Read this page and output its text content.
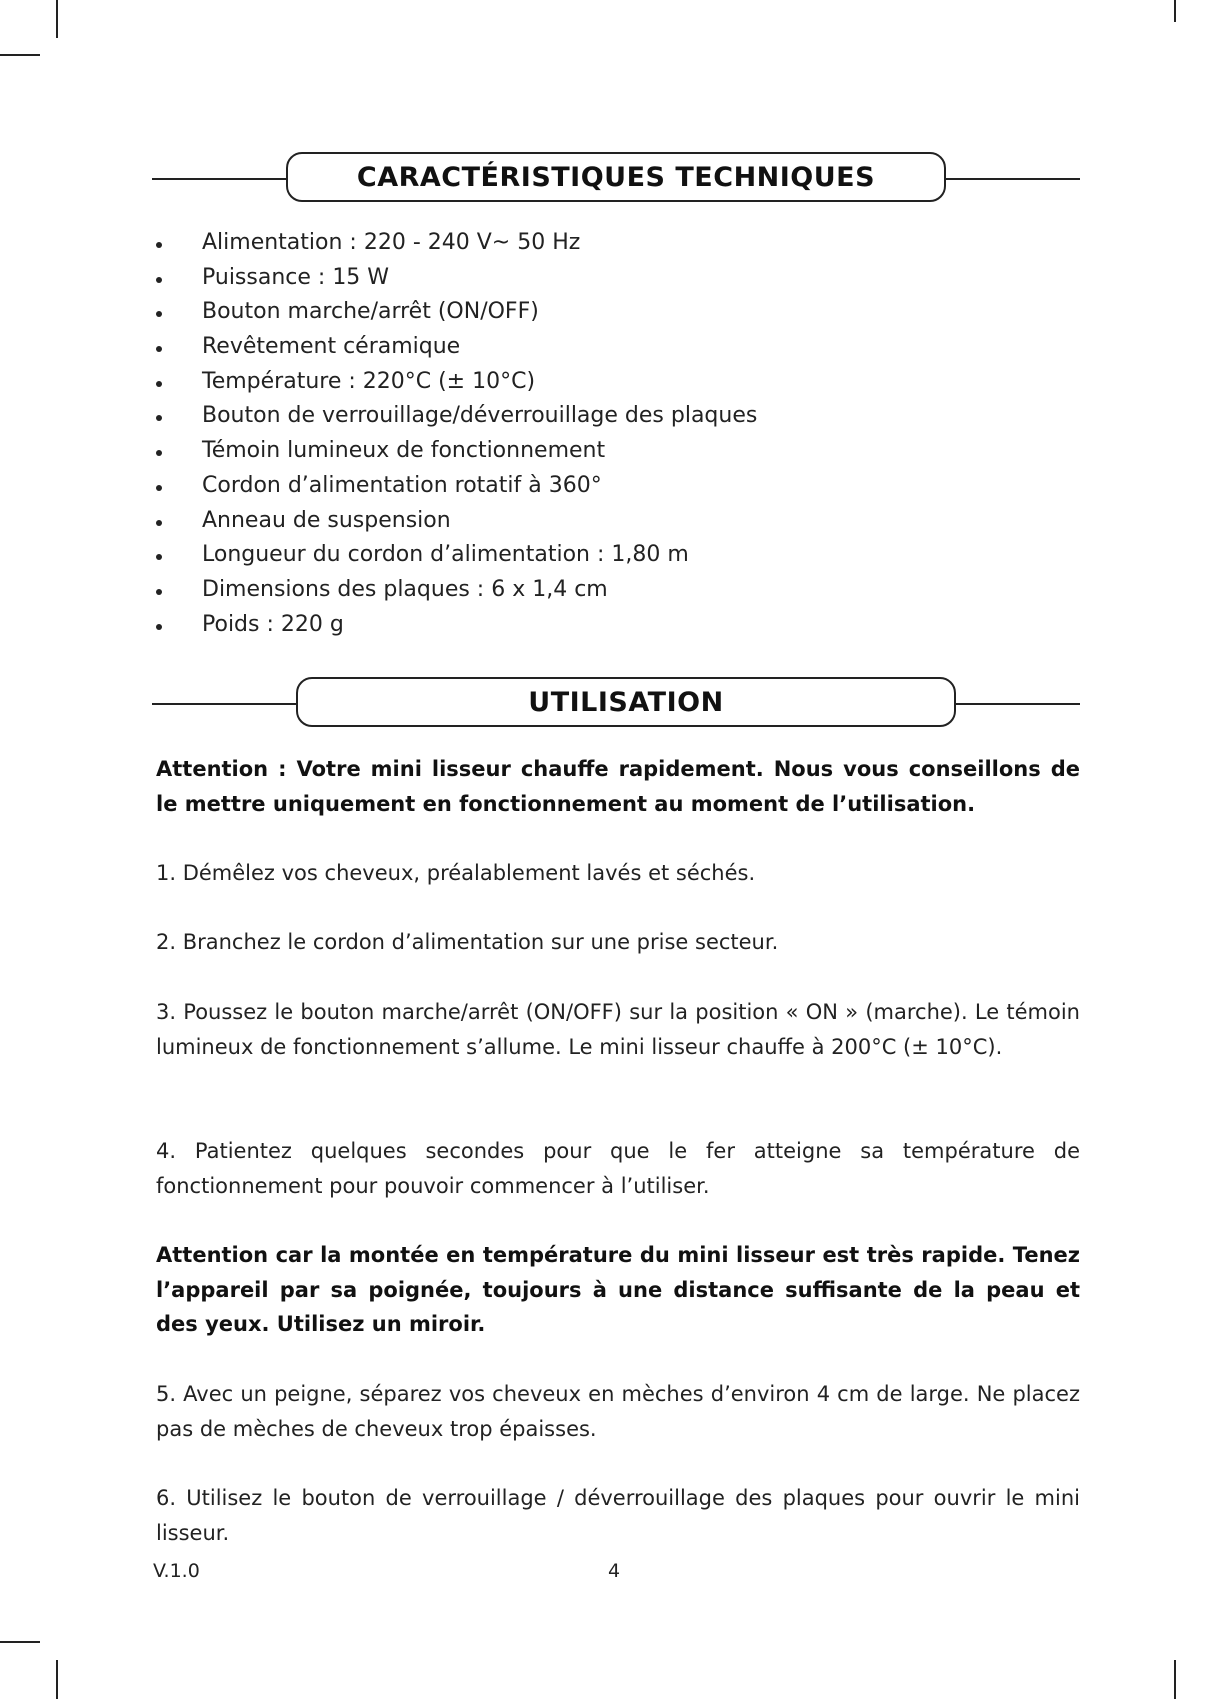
CARACTÉRISTIQUES TECHNIQUES
Alimentation : 220 - 240 V~ 50 Hz
Puissance : 15 W
Bouton marche/arrêt (ON/OFF)
Revêtement céramique
Température : 220°C (± 10°C)
Bouton de verrouillage/déverrouillage des plaques
Témoin lumineux de fonctionnement
Cordon d’alimentation rotatif à 360°
Anneau de suspension
Longueur du cordon d’alimentation : 1,80 m
Dimensions des plaques : 6 x 1,4 cm
Poids : 220 g
UTILISATION

Attention : Votre mini lisseur chauffe rapidement. Nous vous conseillons de le mettre uniquement en fonctionnement au moment de l’utilisation.

1. Démêlez vos cheveux, préalablement lavés et séchés.

2. Branchez le cordon d’alimentation sur une prise secteur.

3. Poussez le bouton marche/arrêt (ON/OFF) sur la position « ON » (marche). Le témoin lumineux de fonctionnement s’allume. Le mini lisseur chauffe à 200°C (± 10°C).

4. Patientez quelques secondes pour que le fer atteigne sa température de fonctionnement pour pouvoir commencer à l’utiliser.

Attention car la montée en température du mini lisseur est très rapide. Tenez l’appareil par sa poignée, toujours à une distance suffisante de la peau et des yeux. Utilisez un miroir.

5. Avec un peigne, séparez vos cheveux en mèches d’environ 4 cm de large. Ne placez pas de mèches de cheveux trop épaisses.

6. Utilisez le bouton de verrouillage / déverrouillage des plaques pour ouvrir le mini lisseur.

V.1.0	4
